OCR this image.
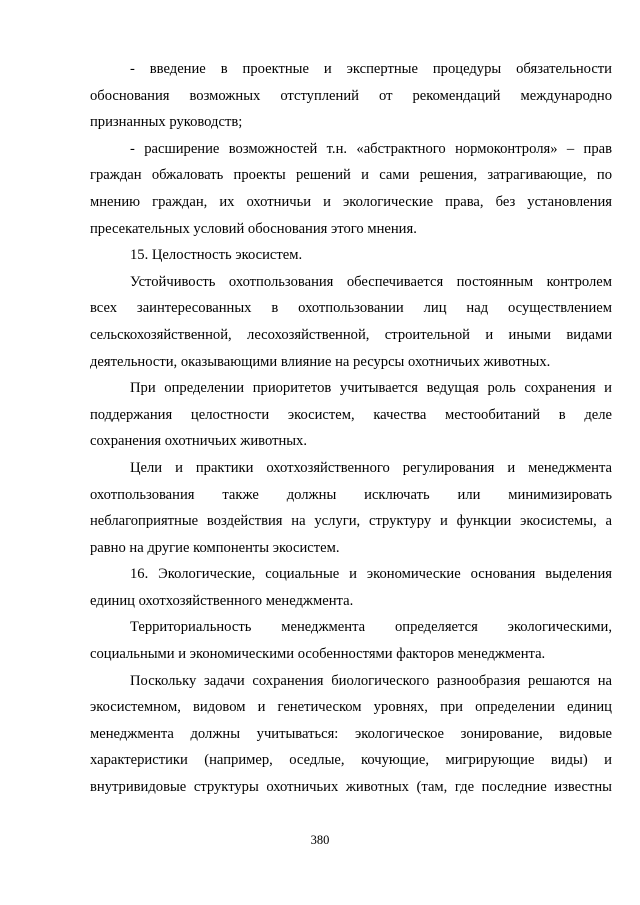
- введение в проектные и экспертные процедуры обязательности
обоснования возможных отступлений от рекомендаций международно
признанных руководств;
- расширение возможностей т.н. «абстрактного нормоконтроля» – прав
граждан обжаловать проекты решений и сами решения, затрагивающие, по
мнению граждан, их охотничьи и экологические права, без установления
пресекательных условий обоснования этого мнения.
15. Целостность экосистем.
Устойчивость охотпользования обеспечивается постоянным контролем
всех заинтересованных в охотпользовании лиц над осуществлением
сельскохозяйственной, лесохозяйственной, строительной и иными видами
деятельности, оказывающими влияние на ресурсы охотничьих животных.
При определении приоритетов учитывается ведущая роль сохранения и
поддержания целостности экосистем, качества местообитаний в деле
сохранения охотничьих животных.
Цели и практики охотхозяйственного регулирования и менеджмента
охотпользования также должны исключать или минимизировать
неблагоприятные воздействия на услуги, структуру и функции экосистемы, а
равно на другие компоненты экосистем.
16. Экологические, социальные и экономические основания выделения
единиц охотхозяйственного менеджмента.
Территориальность менеджмента определяется экологическими,
социальными и экономическими особенностями факторов менеджмента.
Поскольку задачи сохранения биологического разнообразия решаются на
экосистемном, видовом и генетическом уровнях, при определении единиц
менеджмента должны учитываться: экологическое зонирование, видовые
характеристики (например, оседлые, кочующие, мигрирующие виды) и
внутривидовые структуры охотничьих животных (там, где последние известны
380
